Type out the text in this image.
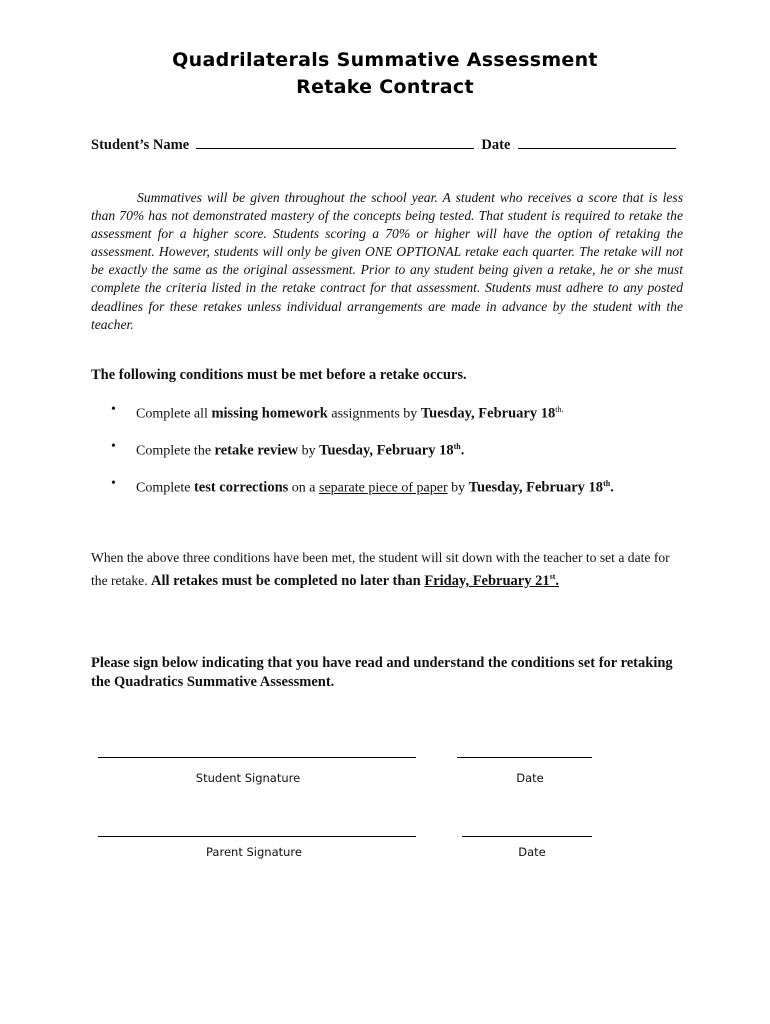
Quadrilaterals Summative Assessment
Retake Contract
Student’s Name	Date
Summatives will be given throughout the school year. A student who receives a score that is less than 70% has not demonstrated mastery of the concepts being tested. That student is required to retake the assessment for a higher score. Students scoring a 70% or higher will have the option of retaking the assessment. However, students will only be given ONE OPTIONAL retake each quarter. The retake will not be exactly the same as the original assessment. Prior to any student being given a retake, he or she must complete the criteria listed in the retake contract for that assessment. Students must adhere to any posted deadlines for these retakes unless individual arrangements are made in advance by the student with the teacher.
The following conditions must be met before a retake occurs.
• Complete all missing homework assignments by Tuesday, February $18^{th.}$
• Complete the retake review by Tuesday, February 18th.
• Complete test corrections on a separate piece of paper by Tuesday, February 18th.
When the above three conditions have been met, the student will sit down with the teacher to set a date for the retake. All retakes must be completed no later than Friday, February 21st.
Please sign below indicating that you have read and understand the conditions set for retaking the Quadratics Summative Assessment.
Student Signature	Date
Parent Signature	Date
